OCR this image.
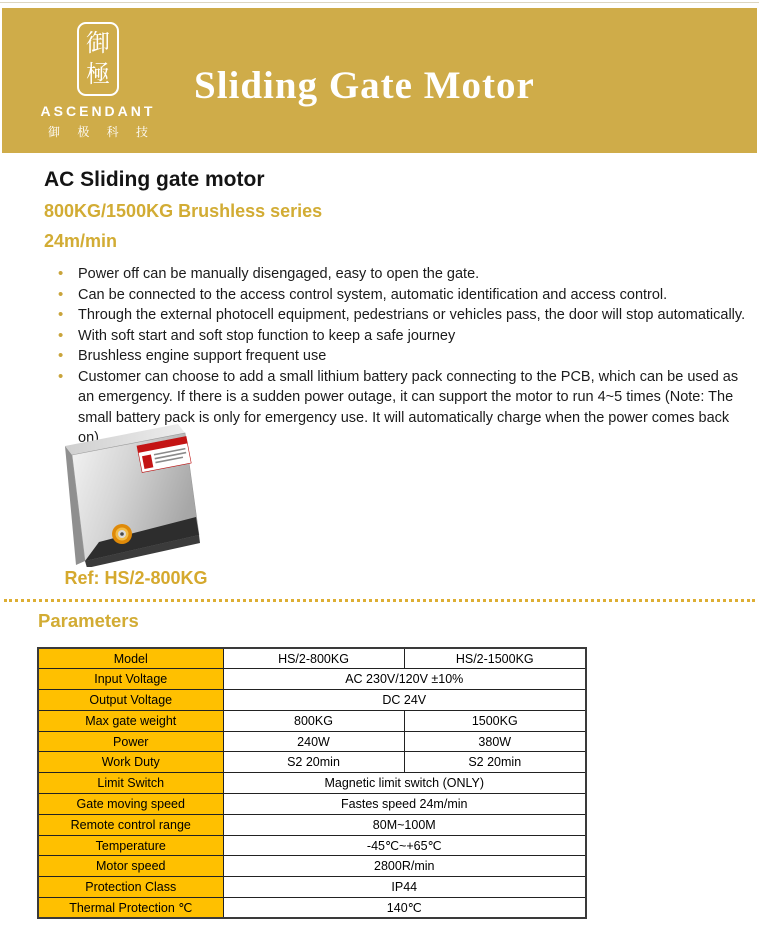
御
極
ASCENDANT
御 极 科 技
Sliding Gate Motor
AC Sliding gate motor
800KG/1500KG Brushless series
24m/min
• Power off can be manually disengaged, easy to open the gate.
• Can be connected to the access control system, automatic identification and access control.
• Through the external photocell equipment, pedestrians or vehicles pass, the door will stop automatically.
• With soft start and soft stop function to keep a safe journey
• Brushless engine support frequent use
• Customer can choose to add a small lithium battery pack connecting to the PCB, which can be used as an emergency. If there is a sudden power outage, it can support the motor to run 4~5 times (Note: The small battery pack is only for emergency use. It will automatically charge when the power comes back on)
Ref: HS/2-800KG
Parameters
Model	HS/2-800KG	HS/2-1500KG
Input Voltage	AC 230V/120V ±10%	
Output Voltage	DC 24V	
Max gate weight	800KG	1500KG
Power	240W	380W
Work Duty	S2 20min	S2 20min
Limit Switch	Magnetic limit switch (ONLY)	
Gate moving speed	Fastes speed 24m/min	
Remote control range	80M~100M	
Temperature	-45℃~+65℃	
Motor speed	2800R/min	
Protection Class	IP44	
Thermal Protection ℃	140℃	
